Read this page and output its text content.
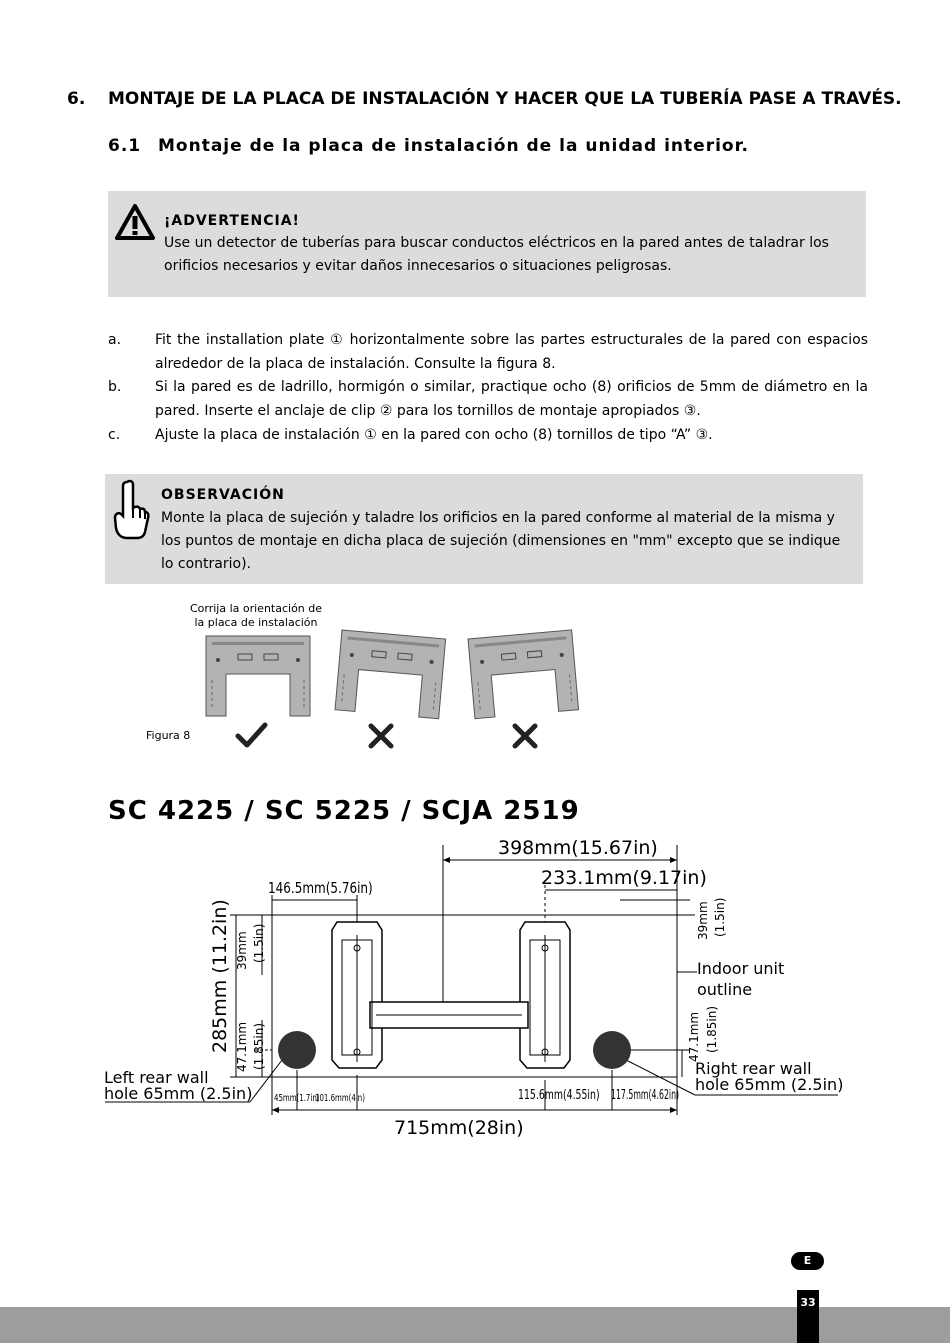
6. MONTAJE DE LA PLACA DE INSTALACIÓN Y HACER QUE LA TUBERÍA PASE A TRAVÉS.
6.1 Montaje de la placa de instalación de la unidad interior.
¡ADVERTENCIA!
Use un detector de tuberías para buscar conductos eléctricos en la pared antes de taladrar los
orificios necesarios y evitar daños innecesarios o situaciones peligrosas.
a. Fit the installation plate ① horizontalmente sobre las partes estructurales de la pared con espacios alrededor de la placa de instalación. Consulte la figura 8.
b. Si la pared es de ladrillo, hormigón o similar, practique ocho (8) orificios de 5mm de diámetro en la pared. Inserte el anclaje de clip ② para los tornillos de montaje apropiados ③.
c. Ajuste la placa de instalación ① en la pared con ocho (8) tornillos de tipo “A” ③.
OBSERVACIÓN
Monte la placa de sujeción y taladre los orificios en la pared conforme al material de la misma y
los puntos de montaje en dicha placa de sujeción (dimensiones en "mm" excepto que se indique
lo contrario).
Corrija la orientación de
la placa de instalación
Figura 8
SC 4225 / SC 5225 / SCJA 2519
398mm(15.67in)
233.1mm(9.17in)
146.5mm(5.76in)
285mm (11.2in) 39mm (1.5in)
47.1mm (1.85in)
39mm (1.5in)
47.1mm (1.85in)
Indoor unit
outline
Left rear wall
hole 65mm (2.5in)
Right rear wall
hole 65mm (2.5in)
45mm(1.7in)
101.6mm(4in)	115.6mm(4.55in) 117.5mm(4.62in)
715mm(28in)
E
33
